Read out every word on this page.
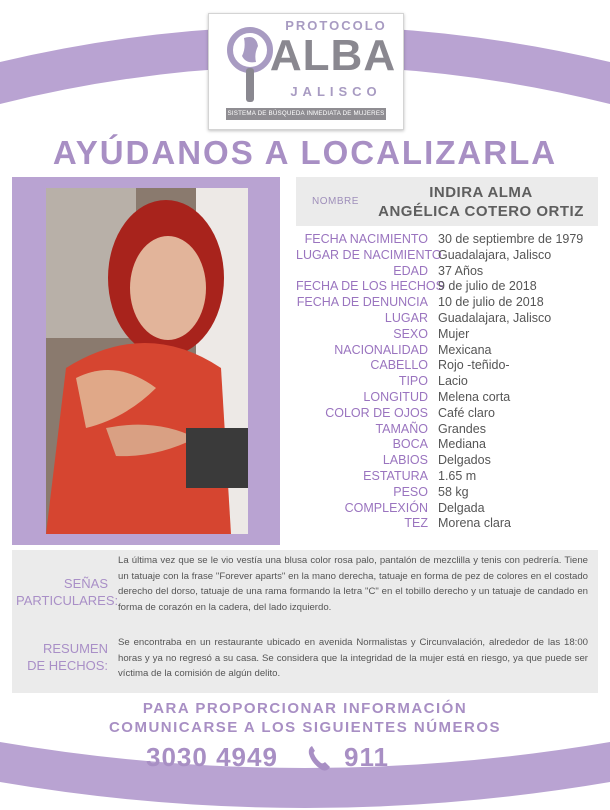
PROTOCOLO
ALBA
JALISCO
SISTEMA DE BÚSQUEDA INMEDIATA DE MUJERES
AYÚDANOS A LOCALIZARLA
NOMBRE
INDIRA ALMA
ANGÉLICA COTERO ORTIZ
FECHA NACIMIENTO 30 de septiembre de 1979
LUGAR DE NACIMIENTO
Guadalajara, Jalisco
EDAD 37 Años
FECHA DE LOS HECHOS
9 de julio de 2018
FECHA DE DENUNCIA 10 de julio de 2018
LUGAR Guadalajara, Jalisco
SEXO Mujer
NACIONALIDAD Mexicana
CABELLO Rojo -teñido-
TIPO Lacio
LONGITUD Melena corta
COLOR DE OJOS Café claro
TAMAÑO Grandes
BOCA Mediana
LABIOS Delgados
ESTATURA 1.65 m
PESO 58 kg
COMPLEXIÓN Delgada
TEZ Morena clara
SEÑAS
PARTICULARES:
La última vez que se le vio vestía una blusa color rosa palo, pantalón de mezclilla y tenis con pedrería. Tiene un tatuaje con la frase "Forever aparts" en la mano derecha, tatuaje en forma de pez de colores en el costado derecho del dorso, tatuaje de una rama formando la letra "C" en el tobillo derecho y un tatuaje de candado en forma de corazón en la cadera, del lado izquierdo.
RESUMEN
DE HECHOS:
Se encontraba en un restaurante ubicado en avenida Normalistas y Circunvalación, alrededor de las 18:00 horas y ya no regresó a su casa. Se considera que la integridad de la mujer está en riesgo, ya que puede ser víctima de la comisión de algún delito.
PARA PROPORCIONAR INFORMACIÓN
COMUNICARSE A LOS SIGUIENTES NÚMEROS
3030 4949	911
